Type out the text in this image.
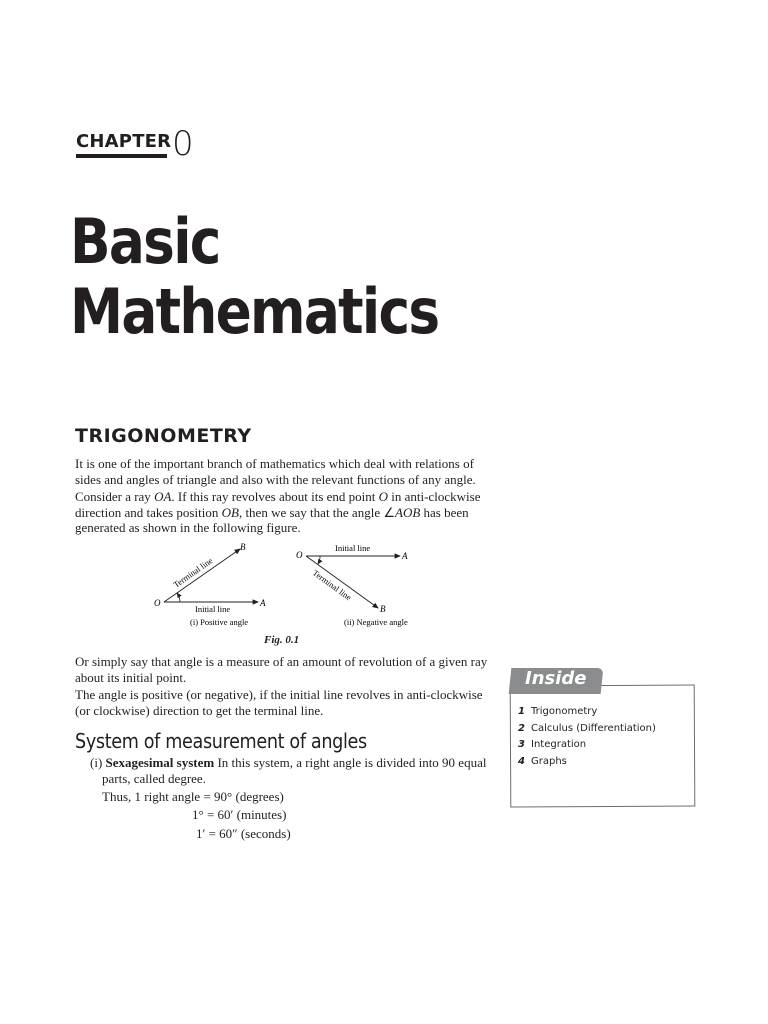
CHAPTER 0
Basic
Mathematics
TRIGONOMETRY
It is one of the important branch of mathematics which deal with relations of sides and angles of triangle and also with the relevant functions of any angle.
Consider a ray OA. If this ray revolves about its end point O in anti-clockwise direction and takes position OB, then we say that the angle ∠AOB has been generated as shown in the following figure.
O	A
B
Terminal line
Initial line
(i) Positive angle
O	A
B
Initial line
Terminal line
(ii) Negative angle
Fig. 0.1
Or simply say that angle is a measure of an amount of revolution of a given ray about its initial point.
The angle is positive (or negative), if the initial line revolves in anti-clockwise (or clockwise) direction to get the terminal line.
System of measurement of angles
(i) Sexagesimal system In this system, a right angle is divided into 90 equal
parts, called degree.
Thus, 1 right angle = 90° (degrees)
1° = 60′ (minutes)
1′ = 60″ (seconds)
Inside
1 Trigonometry
2 Calculus (Differentiation)
3 Integration
4 Graphs
